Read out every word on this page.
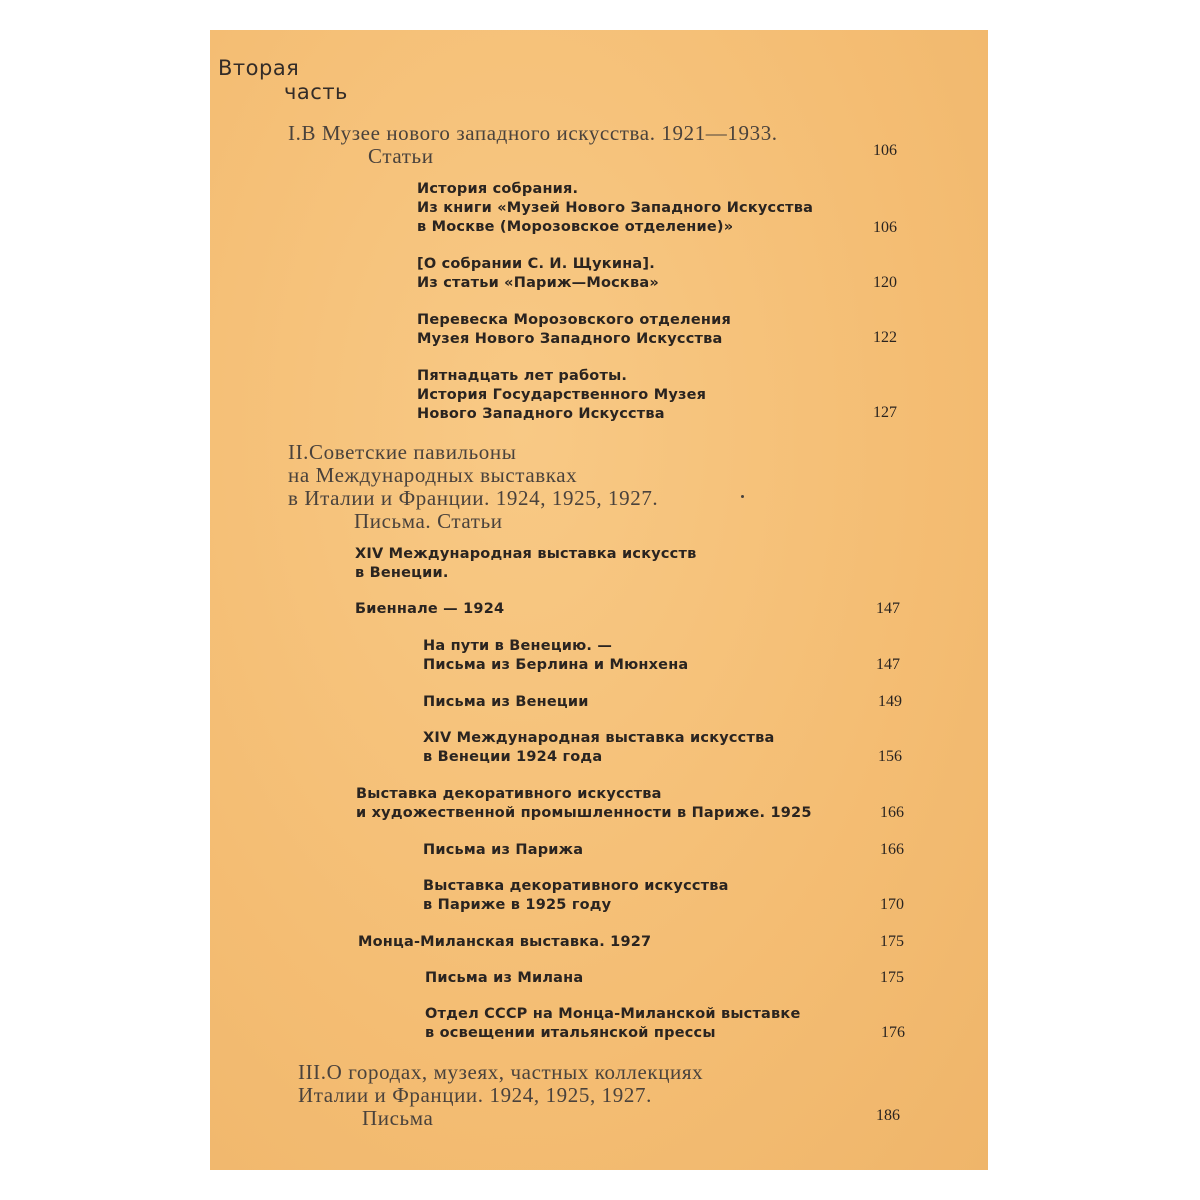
Вторая
часть
I.В Музее нового западного искусства. 1921—1933.
Статьи	106
История собрания.
Из книги «Музей Нового Западного Искусства
в Москве (Морозовское отделение)»	106
[О собрании С. И. Щукина].
Из статьи «Париж—Москва»	120
Перевеска Морозовского отделения
Музея Нового Западного Искусства	122
Пятнадцать лет работы.
История Государственного Музея
Нового Западного Искусства	127
II.Советские павильоны
на Международных выставках
в Италии и Франции. 1924, 1925, 1927.
Письма. Статьи
XIV Международная выставка искусств
в Венеции.
Биеннале — 1924	147
На пути в Венецию. —
Письма из Берлина и Мюнхена	147
Письма из Венеции	149
XIV Международная выставка искусства
в Венеции 1924 года	156
Выставка декоративного искусства
и художественной промышленности в Париже. 1925	166
Письма из Парижа	166
Выставка декоративного искусства
в Париже в 1925 году	170
Монца-Миланская выставка. 1927	175
Письма из Милана	175
Отдел СССР на Монца-Миланской выставке
в освещении итальянской прессы	176
III.О городах, музеях, частных коллекциях
Италии и Франции. 1924, 1925, 1927.
Письма	186
